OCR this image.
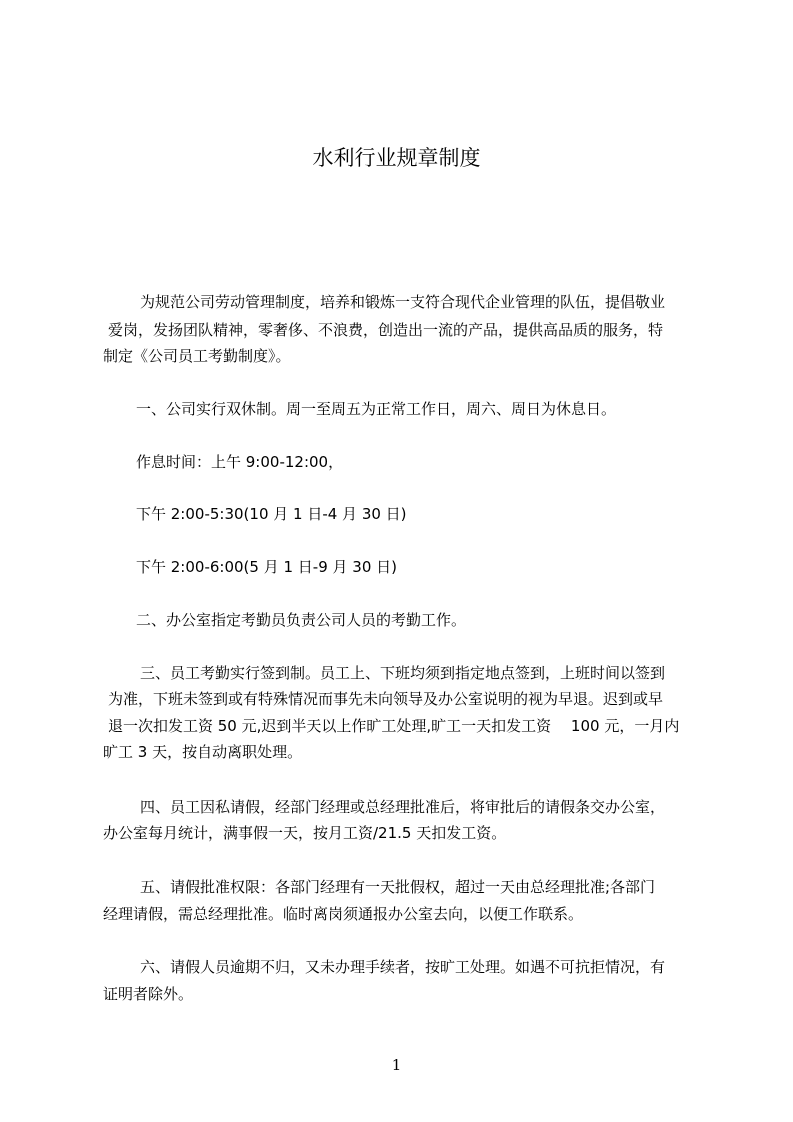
水利行业规章制度
为规范公司劳动管理制度，培养和锻炼一支符合现代企业管理的队伍，提倡敬业
爱岗，发扬团队精神，零奢侈、不浪费，创造出一流的产品，提供高品质的服务，特
制定《公司员工考勤制度》。
一、公司实行双休制。周一至周五为正常工作日，周六、周日为休息日。
作息时间：上午 9:00-12:00，
下午 2:00-5:30(10 月 1 日-4 月 30 日)
下午 2:00-6:00(5 月 1 日-9 月 30 日)
二、办公室指定考勤员负责公司人员的考勤工作。
三、员工考勤实行签到制。员工上、下班均须到指定地点签到，上班时间以签到
为准，下班未签到或有特殊情况而事先未向领导及办公室说明的视为早退。迟到或早
退一次扣发工资 50 元,迟到半天以上作旷工处理,旷工一天扣发工资　 100 元，一月内
旷工 3 天，按自动离职处理。
四、员工因私请假，经部门经理或总经理批准后，将审批后的请假条交办公室，
办公室每月统计，满事假一天，按月工资/21.5 天扣发工资。
五、请假批准权限：各部门经理有一天批假权，超过一天由总经理批准;各部门
经理请假，需总经理批准。临时离岗须通报办公室去向，以便工作联系。
六、请假人员逾期不归，又未办理手续者，按旷工处理。如遇不可抗拒情况，有
证明者除外。
1
